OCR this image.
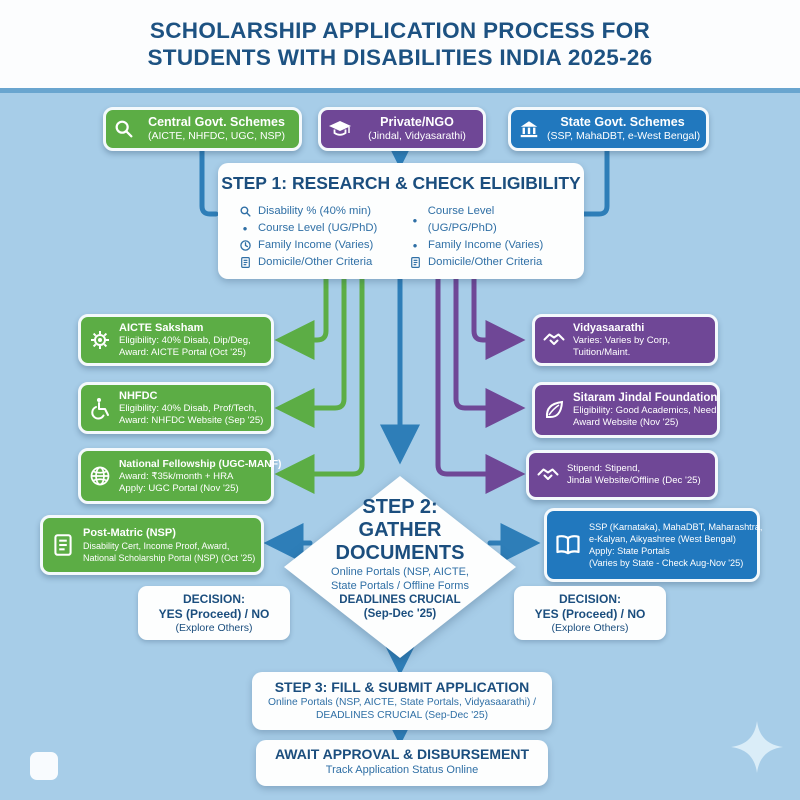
SCHOLARSHIP APPLICATION PROCESS FOR
STUDENTS WITH DISABILITIES INDIA 2025-26
Central Govt. Schemes
(AICTE, NHFDC, UGC, NSP)
Private/NGO
(Jindal, Vidyasarathi)
State Govt. Schemes
(SSP, MahaDBT, e-West Bengal)
STEP 1: RESEARCH & CHECK ELIGIBILITY
Disability % (40% min)
•
Course Level (UG/PhD)
Family Income (Varies)
Domicile/Other Criteria
•
Course Level (UG/PG/PhD)
•
Family Income (Varies)
Domicile/Other Criteria
AICTE Saksham
Eligibility: 40% Disab, Dip/Deg,
Award: AICTE Portal (Oct '25)
NHFDC
Eligibility: 40% Disab, Prof/Tech,
Award: NHFDC Website (Sep '25)
National Fellowship (UGC-MANF)
Award: ₹35k/month + HRA
Apply: UGC Portal (Nov '25)
Post-Matric (NSP)
Disability Cert, Income Proof, Award,
National Scholarship Portal (NSP) (Oct '25)
Vidyasaarathi
Varies: Varies by Corp,
Tuition/Maint.
Sitaram Jindal Foundation
Eligibility: Good Academics, Need.
Award Website (Nov '25)
Stipend: Stipend,
Jindal Website/Offline (Dec '25)
SSP (Karnataka), MahaDBT, Maharashtra,
e-Kalyan, Aikyashree (West Bengal)
Apply: State Portals
(Varies by State - Check Aug-Nov '25)
STEP 2:
GATHER
DOCUMENTS
Online Portals (NSP, AICTE,
State Portals / Offline Forms
DEADLINES CRUCIAL
(Sep-Dec '25)
DECISION:
YES (Proceed) / NO
(Explore Others)
DECISION:
YES (Proceed) / NO
(Explore Others)
STEP 3: FILL & SUBMIT APPLICATION
Online Portals (NSP, AICTE, State Portals, Vidyasaarathi) /
DEADLINES CRUCIAL (Sep-Dec '25)
AWAIT APPROVAL & DISBURSEMENT
Track Application Status Online
